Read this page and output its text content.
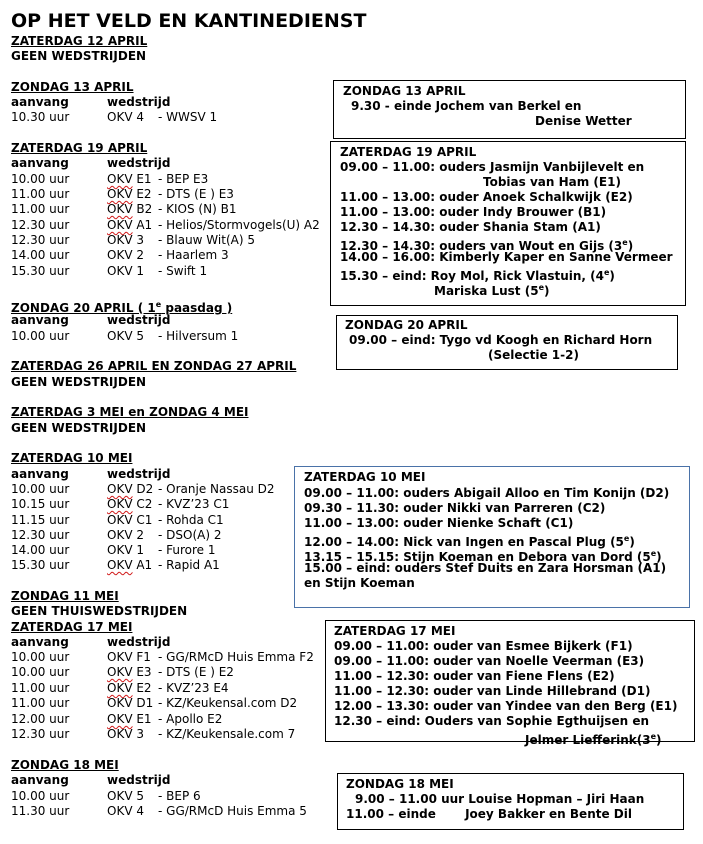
OP HET VELD EN KANTINEDIENST
ZATERDAG 12 APRIL
GEEN WEDSTRIJDEN
ZONDAG 13 APRIL
aanvang	wedstrijd
10.30 uur	OKV 4 - WWSV 1
ZATERDAG 19 APRIL
aanvang	wedstrijd
10.00 uur	OKV E1 - BEP E3
11.00 uur	OKV E2 - DTS (E ) E3
11.00 uur	OKV B2 - KIOS (N) B1
12.30 uur	OKV A1 - Helios/Stormvogels(U) A2
12.30 uur	OKV 3 - Blauw Wit(A) 5
14.00 uur	OKV 2 - Haarlem 3
15.30 uur	OKV 1 - Swift 1
ZONDAG 20 APRIL ( 1e paasdag )
aanvang	wedstrijd
10.00 uur	OKV 5 - Hilversum 1
ZATERDAG 26 APRIL EN ZONDAG 27 APRIL
GEEN WEDSTRIJDEN
ZATERDAG 3 MEI en ZONDAG 4 MEI
GEEN WEDSTRIJDEN
ZATERDAG 10 MEI
aanvang	wedstrijd
10.00 uur	OKV D2 - Oranje Nassau D2
10.15 uur	OKV C2 - KVZ’23 C1
11.15 uur	OKV C1 - Rohda C1
12.30 uur	OKV 2 - DSO(A) 2
14.00 uur	OKV 1 - Furore 1
15.30 uur	OKV A1 - Rapid A1
ZONDAG 11 MEI
GEEN THUISWEDSTRIJDEN
ZATERDAG 17 MEI
aanvang	wedstrijd
10.00 uur	OKV F1 - GG/RMcD Huis Emma F2
10.00 uur	OKV E3 - DTS (E ) E2
11.00 uur	OKV E2 - KVZ’23 E4
11.00 uur	OKV D1 - KZ/Keukensal.com D2
12.00 uur	OKV E1 - Apollo E2
12.30 uur	OKV 3 - KZ/Keukensale.com 7
ZONDAG 18 MEI
aanvang	wedstrijd
10.00 uur	OKV 5 - BEP 6
11.30 uur	OKV 4 - GG/RMcD Huis Emma 5
ZONDAG 13 APRIL
9.30 - einde Jochem van Berkel en
Denise Wetter
ZATERDAG 19 APRIL
09.00 – 11.00: ouders Jasmijn Vanbijlevelt en
Tobias van Ham (E1)
11.00 – 13.00: ouder Anoek Schalkwijk (E2)
11.00 – 13.00: ouder Indy Brouwer (B1)
12.30 – 14.30: ouder Shania Stam (A1)
12.30 – 14.30: ouders van Wout en Gijs (3e)
14.00 – 16.00: Kimberly Kaper en Sanne Vermeer
15.30 – eind: Roy Mol, Rick Vlastuin, (4e)
Mariska Lust (5e)
ZONDAG 20 APRIL
09.00 – eind: Tygo vd Koogh en Richard Horn
(Selectie 1-2)
ZATERDAG 10 MEI
09.00 – 11.00: ouders Abigail Alloo en Tim Konijn (D2)
09.30 – 11.30: ouder Nikki van Parreren (C2)
11.00 – 13.00: ouder Nienke Schaft (C1)
12.00 – 14.00: Nick van Ingen en Pascal Plug (5e)
13.15 – 15.15: Stijn Koeman en Debora van Dord (5e)
15.00 – eind: ouders Stef Duits en Zara Horsman (A1)
en Stijn Koeman
ZATERDAG 17 MEI
09.00 – 11.00: ouder van Esmee Bijkerk (F1)
09.00 – 11.00: ouder van Noelle Veerman (E3)
11.00 – 12.30: ouder van Fiene Flens (E2)
11.00 – 12.30: ouder van Linde Hillebrand (D1)
12.00 – 13.30: ouder van Yindee van den Berg (E1)
12.30 – eind: Ouders van Sophie Egthuijsen en
Jelmer Liefferink(3e)
ZONDAG 18 MEI
9.00 – 11.00 uur Louise Hopman – Jiri Haan
11.00 – einde       Joey Bakker en Bente Dil
